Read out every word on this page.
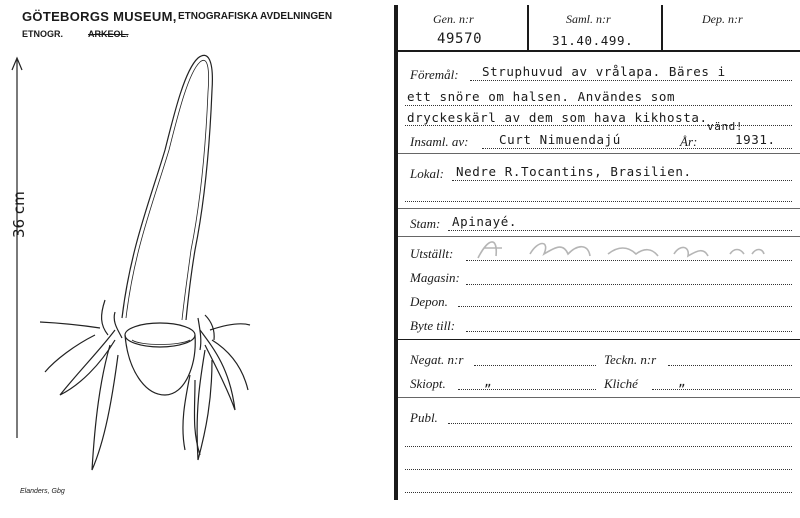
GÖTEBORGS MUSEUM, ETNOGRAFISKA AVDELNINGEN
ETNOGR.	ARKEOL.
36 cm
Elanders, Gbg
Gen. n:r
49570
Saml. n:r
31.40.499.
Dep. n:r
Föremål: Struphuvud av vrålapa. Bäres i
ett snöre om halsen. Användes som
dryckeskärl av dem som hava kikhosta.
Insaml. av: Curt Nimuendajú
vänd!
År:	1931.
Lokal: Nedre R.Tocantins, Brasilien.
Stam: Apinayé.
Utställt:
Magasin:
Depon.
Byte till:
Negat. n:r	Teckn. n:r
Skiopt.	„	Kliché	„
Publ.
